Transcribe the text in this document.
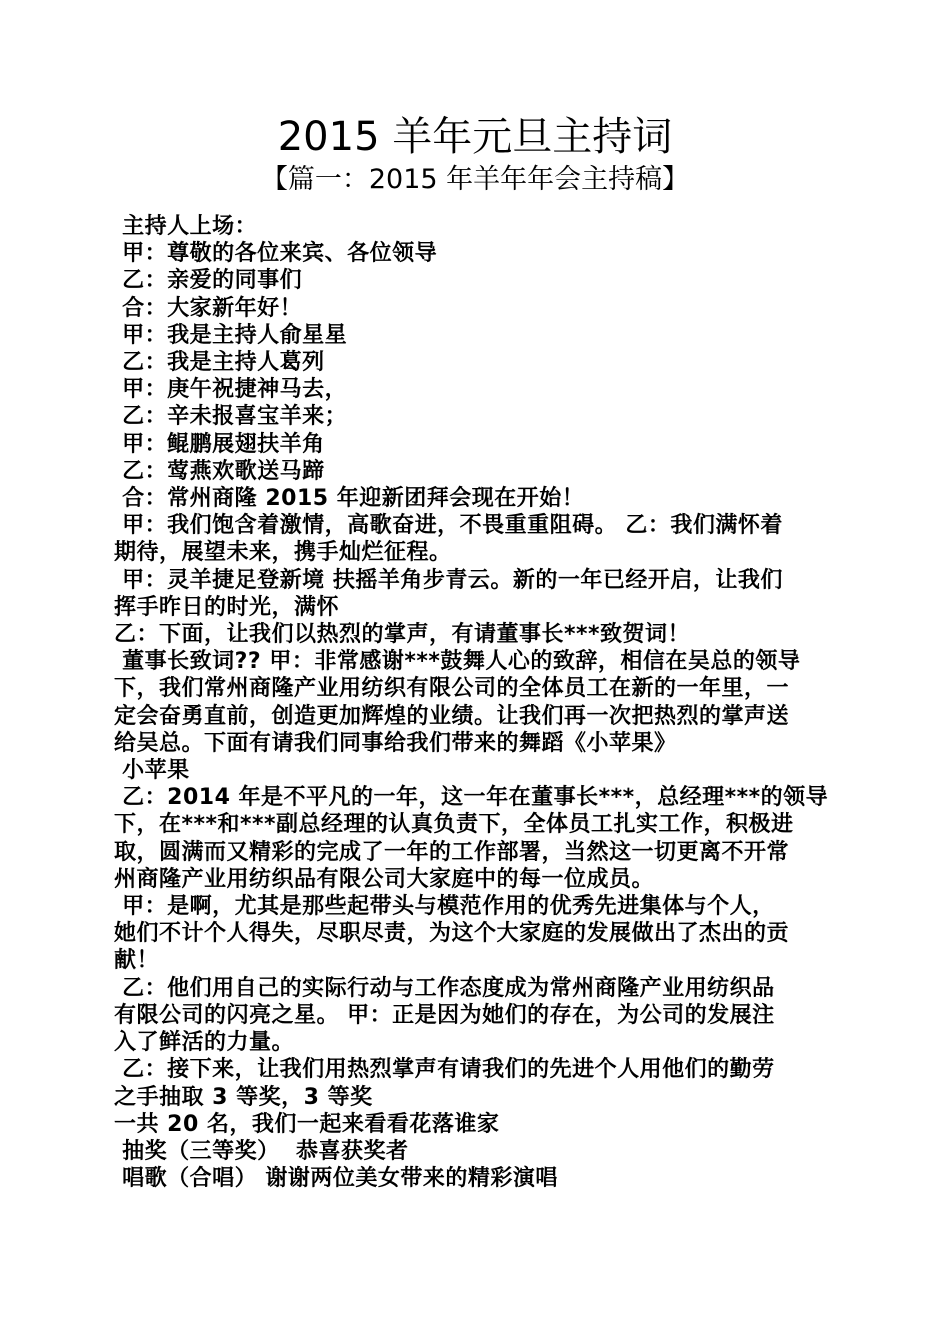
2015 羊年元旦主持词
【篇一：2015 年羊年年会主持稿】
主持人上场：
甲：尊敬的各位来宾、各位领导
乙：亲爱的同事们
合：大家新年好！
甲：我是主持人俞星星
乙：我是主持人葛列
甲：庚午祝捷神马去，
乙：辛未报喜宝羊来；
甲：鲲鹏展翅扶羊角
乙：莺燕欢歌送马蹄
合：常州商隆 2015 年迎新团拜会现在开始！
甲：我们饱含着激情，高歌奋进，不畏重重阻碍。 乙：我们满怀着
期待，展望未来，携手灿烂征程。
甲：灵羊捷足登新境 扶摇羊角步青云。新的一年已经开启，让我们
挥手昨日的时光，满怀
乙：下面，让我们以热烈的掌声，有请董事长***致贺词！
董事长致词?? 甲：非常感谢***鼓舞人心的致辞，相信在吴总的领导
下，我们常州商隆产业用纺织有限公司的全体员工在新的一年里，一
定会奋勇直前，创造更加辉煌的业绩。让我们再一次把热烈的掌声送
给吴总。下面有请我们同事给我们带来的舞蹈《小苹果》
小苹果
乙：2014 年是不平凡的一年，这一年在董事长***，总经理***的领导
下，在***和***副总经理的认真负责下，全体员工扎实工作，积极进
取，圆满而又精彩的完成了一年的工作部署，当然这一切更离不开常
州商隆产业用纺织品有限公司大家庭中的每一位成员。
甲：是啊，尤其是那些起带头与模范作用的优秀先进集体与个人，
她们不计个人得失，尽职尽责，为这个大家庭的发展做出了杰出的贡
献！
乙：他们用自己的实际行动与工作态度成为常州商隆产业用纺织品
有限公司的闪亮之星。 甲：正是因为她们的存在，为公司的发展注
入了鲜活的力量。
乙：接下来，让我们用热烈掌声有请我们的先进个人用他们的勤劳
之手抽取 3 等奖，3 等奖
一共 20 名，我们一起来看看花落谁家
抽奖（三等奖）  恭喜获奖者
唱歌（合唱） 谢谢两位美女带来的精彩演唱
